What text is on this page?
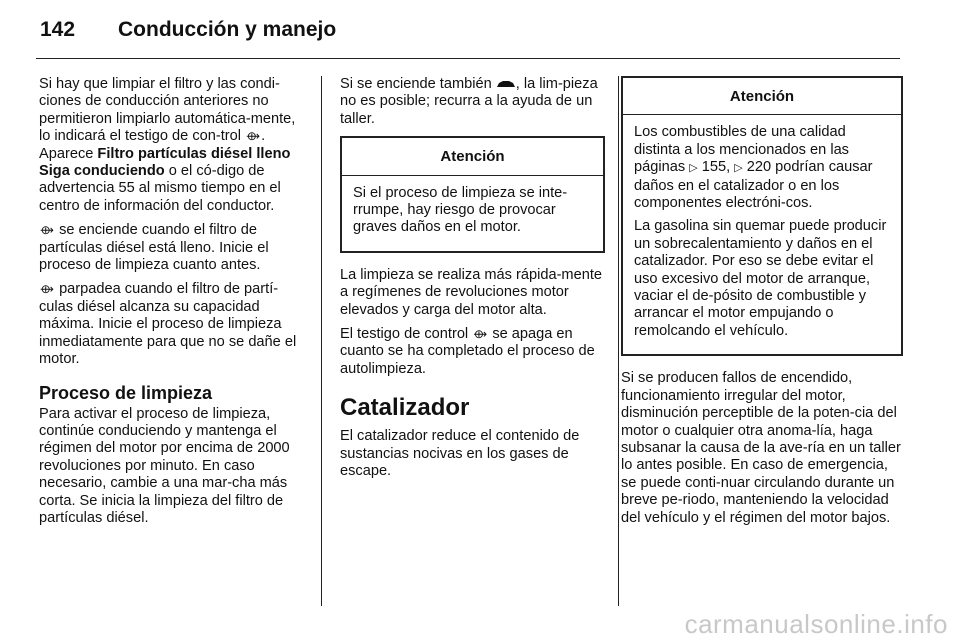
142 Conducción y manejo

Si hay que limpiar el filtro y las condi-ciones de conducción anteriores no permitieron limpiarlo automática-mente, lo indicará el testigo de con-trol ⟴. Aparece Filtro partículas diésel lleno Siga conduciendo o el có-digo de advertencia 55 al mismo tiempo en el centro de información del conductor.

⟴ se enciende cuando el filtro de partículas diésel está lleno. Inicie el proceso de limpieza cuanto antes.

⟴ parpadea cuando el filtro de partí-culas diésel alcanza su capacidad máxima. Inicie el proceso de limpieza inmediatamente para que no se dañe el motor.

Proceso de limpieza

Para activar el proceso de limpieza, continúe conduciendo y mantenga el régimen del motor por encima de 2000 revoluciones por minuto. En caso necesario, cambie a una mar-cha más corta. Se inicia la limpieza del filtro de partículas diésel.

Si se enciende también , la lim-pieza no es posible; recurra a la ayuda de un taller.

Atención

Si el proceso de limpieza se inte-rrumpe, hay riesgo de provocar graves daños en el motor.

La limpieza se realiza más rápida-mente a regímenes de revoluciones motor elevados y carga del motor alta.

El testigo de control ⟴ se apaga en cuanto se ha completado el proceso de autolimpieza.

Catalizador

El catalizador reduce el contenido de sustancias nocivas en los gases de escape.

Atención

Los combustibles de una calidad distinta a los mencionados en las páginas ▷ 155, ▷ 220 podrían causar daños en el catalizador o en los componentes electróni-cos.

La gasolina sin quemar puede producir un sobrecalentamiento y daños en el catalizador. Por eso se debe evitar el uso excesivo del motor de arranque, vaciar el de-pósito de combustible y arrancar el motor empujando o remolcando el vehículo.

Si se producen fallos de encendido, funcionamiento irregular del motor, disminución perceptible de la poten-cia del motor o cualquier otra anoma-lía, haga subsanar la causa de la ave-ría en un taller lo antes posible. En caso de emergencia, se puede conti-nuar circulando durante un breve pe-riodo, manteniendo la velocidad del vehículo y el régimen del motor bajos.

carmanualsonline.info
